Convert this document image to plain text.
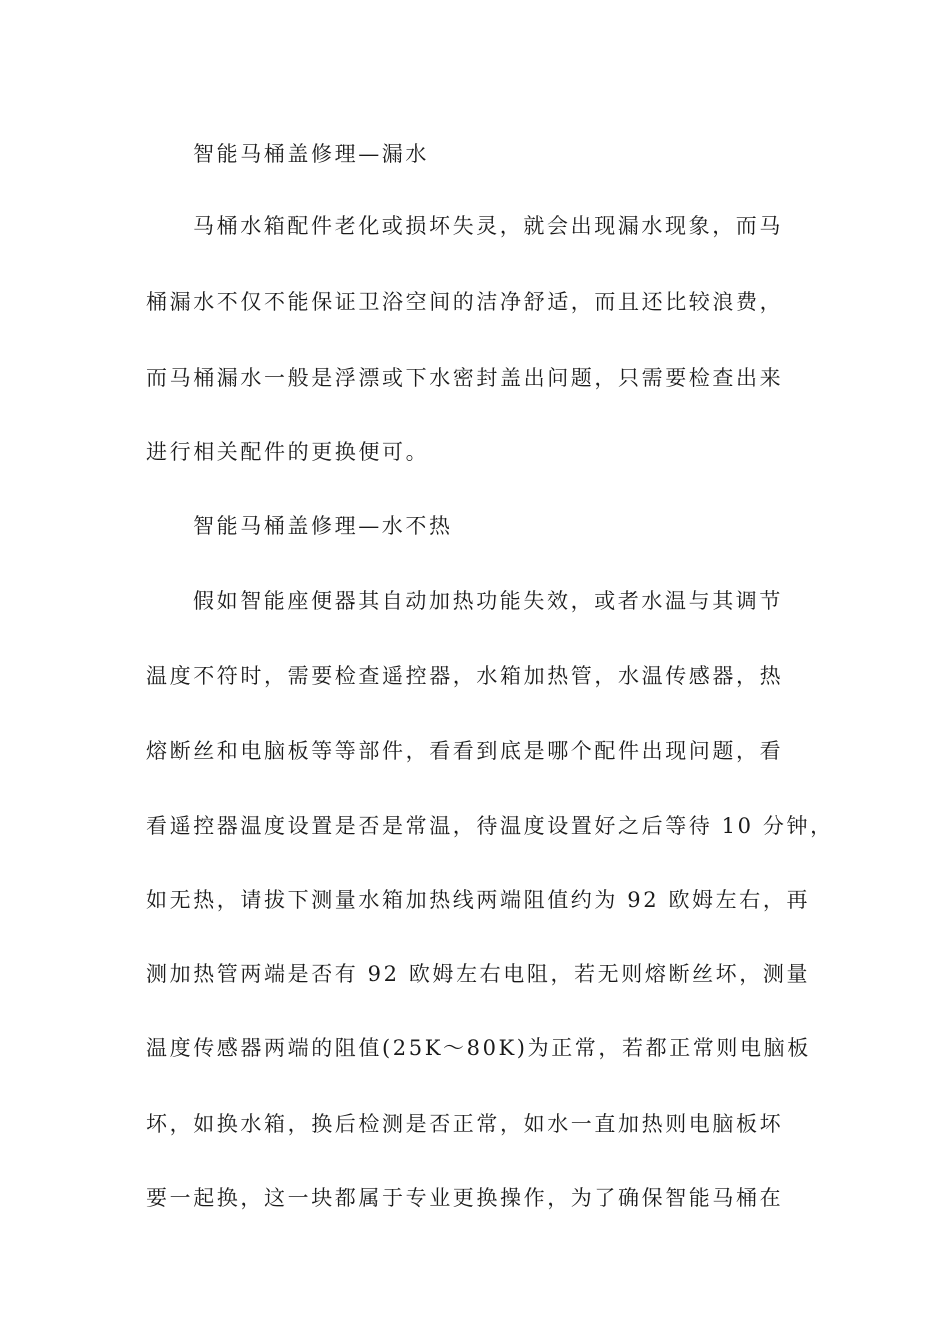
智能马桶盖修理—漏水
马桶水箱配件老化或损坏失灵，就会出现漏水现象，而马
桶漏水不仅不能保证卫浴空间的洁净舒适，而且还比较浪费，
而马桶漏水一般是浮漂或下水密封盖出问题，只需要检查出来
进行相关配件的更换便可。
智能马桶盖修理—水不热
假如智能座便器其自动加热功能失效，或者水温与其调节
温度不符时，需要检查遥控器，水箱加热管，水温传感器，热
熔断丝和电脑板等等部件，看看到底是哪个配件出现问题，看
看遥控器温度设置是否是常温，待温度设置好之后等待 10 分钟，
如无热，请拔下测量水箱加热线两端阻值约为 92 欧姆左右，再
测加热管两端是否有 92 欧姆左右电阻，若无则熔断丝坏，测量
温度传感器两端的阻值(25K～80K)为正常，若都正常则电脑板
坏，如换水箱，换后检测是否正常，如水一直加热则电脑板坏
要一起换，这一块都属于专业更换操作，为了确保智能马桶在
